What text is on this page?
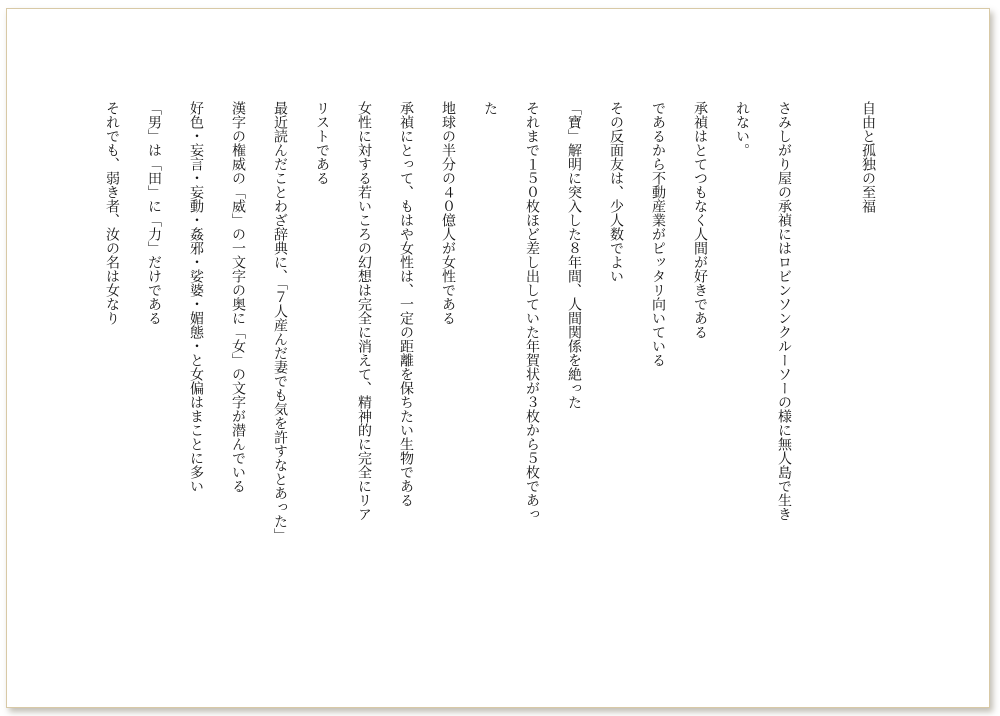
自由と孤独の至福

さみしがり屋の承禎にはロビンソンクルーソーの様に無人島で生き
れない。
承禎はとてつもなく人間が好きである
であるから不動産業がピッタリ向いている
その反面友は、少人数でよい
「寶」解明に突入した８年間、人間関係を絶った
それまで１５０枚ほど差し出していた年賀状が３枚から５枚であっ
た
地球の半分の４０億人が女性である
承禎にとって、もはや女性は、一定の距離を保ちたい生物である
女性に対する若いころの幻想は完全に消えて、精神的に完全にリア
リストである
最近読んだことわざ辞典に、「７人産んだ妻でも気を許すなとあった」
漢字の権威の「威」の一文字の奥に「女」の文字が潜んでいる
好色・妄言・妄動・姦邪・娑婆・媚態・と女偏はまことに多い
「男」は「田」に「力」だけである
それでも、弱き者、汝の名は女なり
